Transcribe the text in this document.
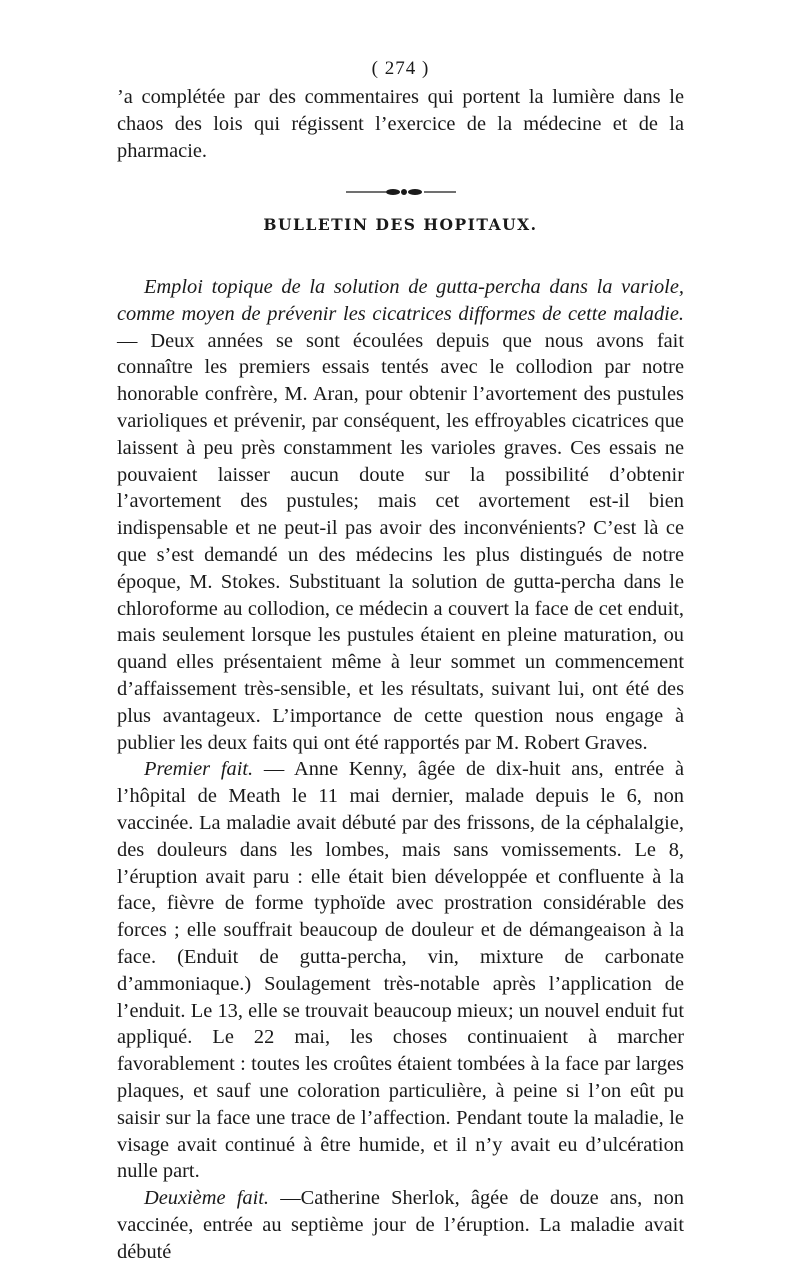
( 274 )

’a complétée par des commentaires qui portent la lumière dans le chaos des lois qui régissent l’exercice de la médecine et de la pharmacie.

BULLETIN DES HOPITAUX.

Emploi topique de la solution de gutta-percha dans la variole, comme moyen de prévenir les cicatrices difformes de cette maladie. — Deux années se sont écoulées depuis que nous avons fait connaître les premiers essais tentés avec le collodion par notre honorable confrère, M. Aran, pour obtenir l’avortement des pustules varioliques et prévenir, par conséquent, les effroyables cicatrices que laissent à peu près constamment les varioles graves. Ces essais ne pouvaient laisser aucun doute sur la possibilité d’obtenir l’avortement des pustules; mais cet avortement est-il bien indispensable et ne peut-il pas avoir des inconvénients? C’est là ce que s’est demandé un des médecins les plus distingués de notre époque, M. Stokes. Substituant la solution de gutta-percha dans le chloroforme au collodion, ce médecin a couvert la face de cet enduit, mais seulement lorsque les pustules étaient en pleine maturation, ou quand elles présentaient même à leur sommet un commencement d’affaissement très-sensible, et les résultats, suivant lui, ont été des plus avantageux. L’importance de cette question nous engage à publier les deux faits qui ont été rapportés par M. Robert Graves.

Premier fait. — Anne Kenny, âgée de dix-huit ans, entrée à l’hôpital de Meath le 11 mai dernier, malade depuis le 6, non vaccinée. La maladie avait débuté par des frissons, de la céphalalgie, des douleurs dans les lombes, mais sans vomissements. Le 8, l’éruption avait paru : elle était bien développée et confluente à la face, fièvre de forme typhoïde avec prostration considérable des forces ; elle souffrait beaucoup de douleur et de démangeaison à la face. (Enduit de gutta-percha, vin, mixture de carbonate d’ammoniaque.) Soulagement très-notable après l’application de l’enduit. Le 13, elle se trouvait beaucoup mieux; un nouvel enduit fut appliqué. Le 22 mai, les choses continuaient à marcher favorablement : toutes les croûtes étaient tombées à la face par larges plaques, et sauf une coloration particulière, à peine si l’on eût pu saisir sur la face une trace de l’affection. Pendant toute la maladie, le visage avait continué à être humide, et il n’y avait eu d’ulcération nulle part.

Deuxième fait. —Catherine Sherlok, âgée de douze ans, non vaccinée, entrée au septième jour de l’éruption. La maladie avait débuté
